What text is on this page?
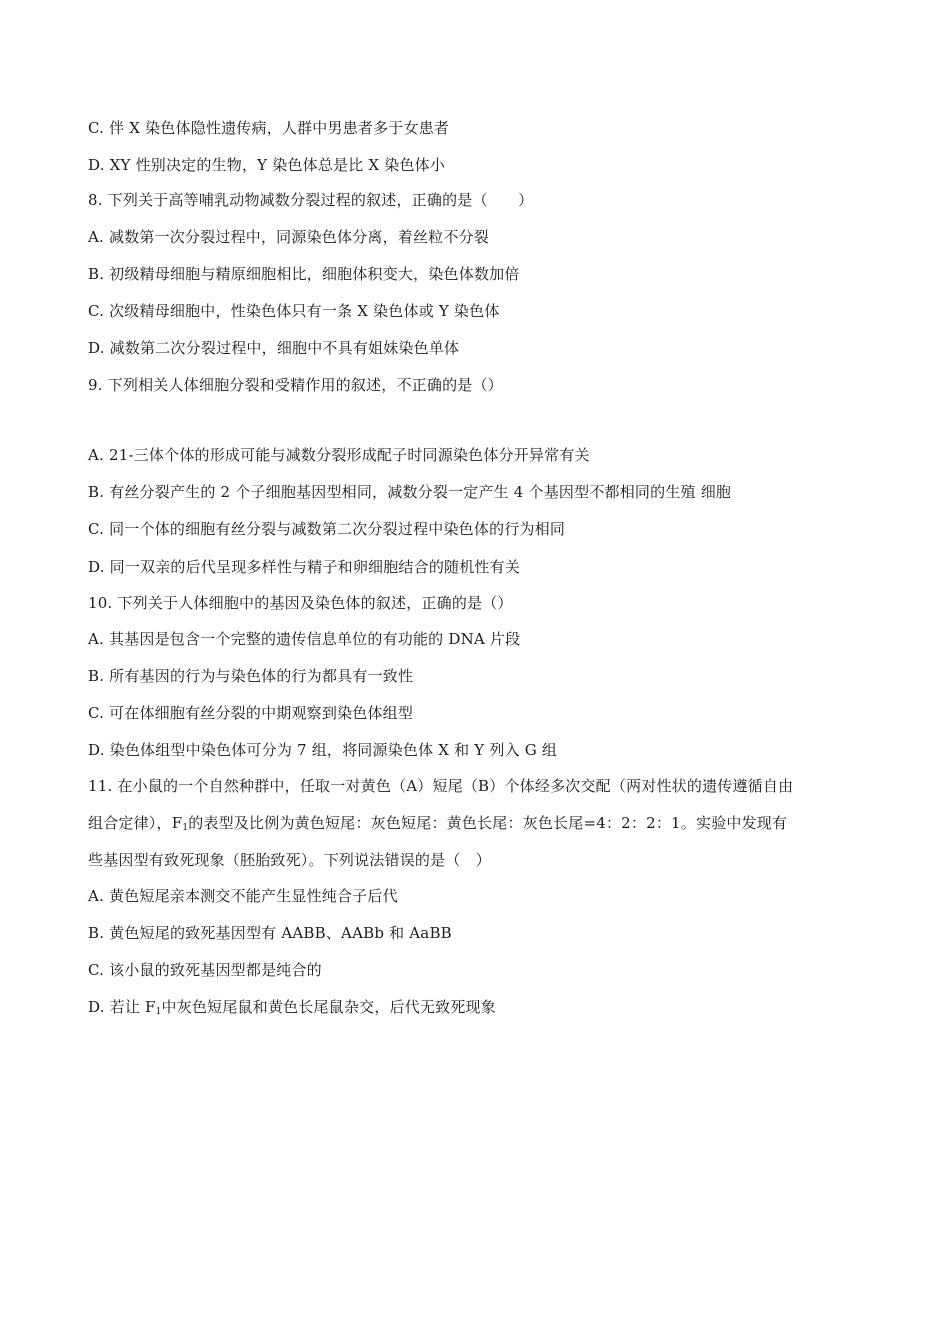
C. 伴 X 染色体隐性遗传病，人群中男患者多于女患者
D. XY 性别决定的生物，Y 染色体总是比 X 染色体小
8. 下列关于高等哺乳动物减数分裂过程的叙述，正确的是（　　）
A. 减数第一次分裂过程中，同源染色体分离，着丝粒不分裂
B. 初级精母细胞与精原细胞相比，细胞体积变大，染色体数加倍
C. 次级精母细胞中，性染色体只有一条 X 染色体或 Y 染色体
D. 减数第二次分裂过程中，细胞中不具有姐妹染色单体
9. 下列相关人体细胞分裂和受精作用的叙述，不正确的是（）
A. 21-三体个体的形成可能与减数分裂形成配子时同源染色体分开异常有关
B. 有丝分裂产生的 2 个子细胞基因型相同，减数分裂一定产生 4 个基因型不都相同的生殖 细胞
C. 同一个体的细胞有丝分裂与减数第二次分裂过程中染色体的行为相同
D. 同一双亲的后代呈现多样性与精子和卵细胞结合的随机性有关
10. 下列关于人体细胞中的基因及染色体的叙述，正确的是（）
A. 其基因是包含一个完整的遗传信息单位的有功能的 DNA 片段
B. 所有基因的行为与染色体的行为都具有一致性
C. 可在体细胞有丝分裂的中期观察到染色体组型
D. 染色体组型中染色体可分为 7 组，将同源染色体 X 和 Y 列入 G 组
11. 在小鼠的一个自然种群中，任取一对黄色（A）短尾（B）个体经多次交配（两对性状的遗传遵循自由
组合定律），$F_1$的表型及比例为黄色短尾：灰色短尾：黄色长尾：灰色长尾=4：2：2：1。实验中发现有
些基因型有致死现象（胚胎致死）。下列说法错误的是（　）
A. 黄色短尾亲本测交不能产生显性纯合子后代
B. 黄色短尾的致死基因型有 AABB、AABb 和 AaBB
C. 该小鼠的致死基因型都是纯合的
D. 若让 $F_1$中灰色短尾鼠和黄色长尾鼠杂交，后代无致死现象
